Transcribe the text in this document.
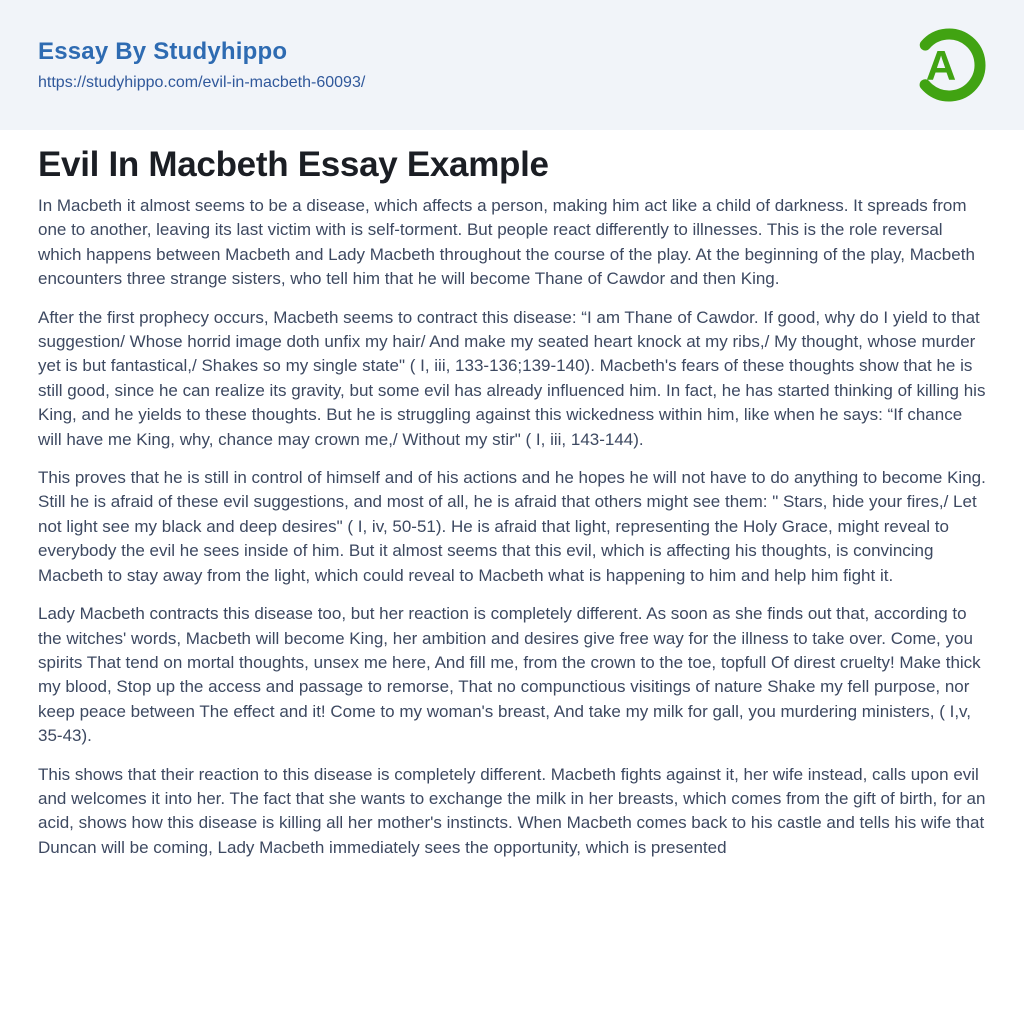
Essay By Studyhippo
https://studyhippo.com/evil-in-macbeth-60093/	A
Evil In Macbeth Essay Example

In Macbeth it almost seems to be a disease, which affects a person, making him act like a child of darkness. It spreads from one to another, leaving its last victim with is self-torment. But people react differently to illnesses. This is the role reversal which happens between Macbeth and Lady Macbeth throughout the course of the play. At the beginning of the play, Macbeth encounters three strange sisters, who tell him that he will become Thane of Cawdor and then King.

After the first prophecy occurs, Macbeth seems to contract this disease: “I am Thane of Cawdor. If good, why do I yield to that suggestion/ Whose horrid image doth unfix my hair/ And make my seated heart knock at my ribs,/ My thought, whose murder yet is but fantastical,/ Shakes so my single state" ( I, iii, 133-136;139-140). Macbeth's fears of these thoughts show that he is still good, since he can realize its gravity, but some evil has already influenced him. In fact, he has started thinking of killing his King, and he yields to these thoughts. But he is struggling against this wickedness within him, like when he says: “If chance will have me King, why, chance may crown me,/ Without my stir" ( I, iii, 143-144).

This proves that he is still in control of himself and of his actions and he hopes he will not have to do anything to become King. Still he is afraid of these evil suggestions, and most of all, he is afraid that others might see them: " Stars, hide your fires,/ Let not light see my black and deep desires" ( I, iv, 50-51). He is afraid that light, representing the Holy Grace, might reveal to everybody the evil he sees inside of him. But it almost seems that this evil, which is affecting his thoughts, is convincing Macbeth to stay away from the light, which could reveal to Macbeth what is happening to him and help him fight it.

Lady Macbeth contracts this disease too, but her reaction is completely different. As soon as she finds out that, according to the witches' words, Macbeth will become King, her ambition and desires give free way for the illness to take over. Come, you spirits That tend on mortal thoughts, unsex me here, And fill me, from the crown to the toe, topfull Of direst cruelty! Make thick my blood, Stop up the access and passage to remorse, That no compunctious visitings of nature Shake my fell purpose, nor keep peace between The effect and it! Come to my woman's breast, And take my milk for gall, you murdering ministers, ( I,v, 35-43).

This shows that their reaction to this disease is completely different. Macbeth fights against it, her wife instead, calls upon evil and welcomes it into her. The fact that she wants to exchange the milk in her breasts, which comes from the gift of birth, for an acid, shows how this disease is killing all her mother's instincts. When Macbeth comes back to his castle and tells his wife that Duncan will be coming, Lady Macbeth immediately sees the opportunity, which is presented
